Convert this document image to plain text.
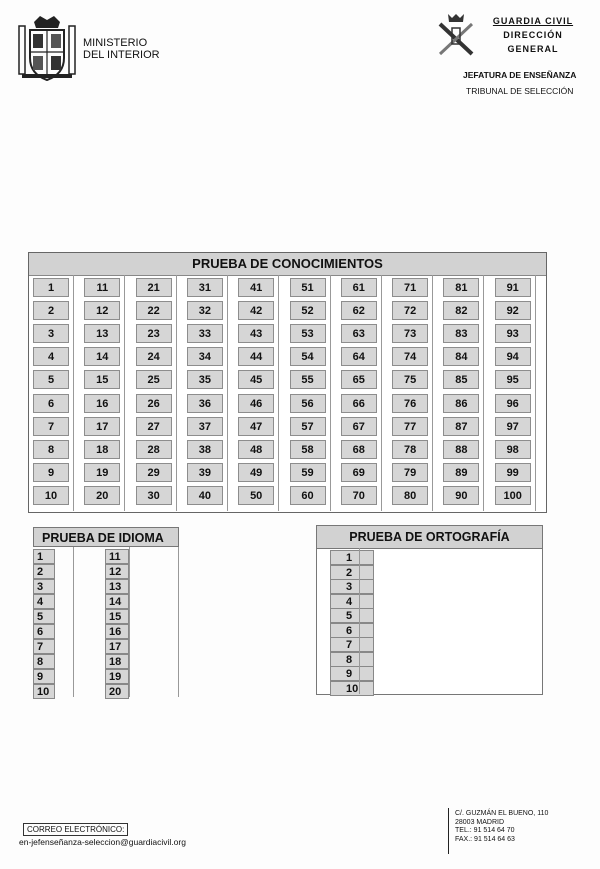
MINISTERIO
DEL INTERIOR
GUARDIA CIVIL
DIRECCIÓN GENERAL
JEFATURA DE ENSEÑANZA
TRIBUNAL DE SELECCIÓN
PRUEBA DE CONOCIMIENTOS
1
2
3
4
5
6
7
8
9
10
11
12
13
14
15
16
17
18
19
20
21
22
23
24
25
26
27
28
29
30
31
32
33
34
35
36
37
38
39
40
41
42
43
44
45
46
47
48
49
50
51
52
53
54
55
56
57
58
59
60
61
62
63
64
65
66
67
68
69
70
71
72
73
74
75
76
77
78
79
80
81
82
83
84
85
86
87
88
89
90
91
92
93
94
95
96
97
98
99
100
PRUEBA DE IDIOMA
1
2
3
4
5
6
7
8
9
10
11
12
13
14
15
16
17
18
19
20
PRUEBA DE ORTOGRAFÍA
1
2
3
4
5
6
7
8
9
10
CORREO ELECTRÓNICO:
en-jefenseñanza-seleccion@guardiacivil.org
C/. GUZMÁN EL BUENO, 110
28003 MADRID
TEL.: 91 514 64 70
FAX.: 91 514 64 63
